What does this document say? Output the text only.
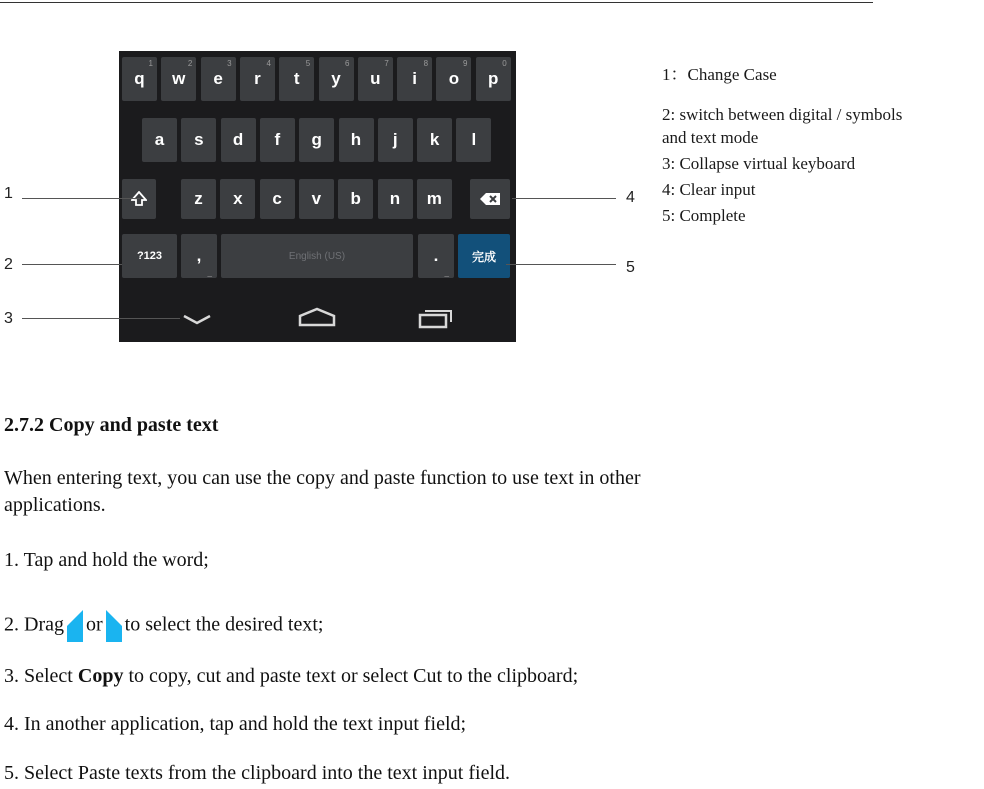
?123 ,
_
English (US)	.
_
完成
q
1
w
2
e
3
r
4
t
5
y
6
u
7
i
8
o
9
p
0
a s d f g h j k l
z x c v b n m
1
2
3
4
5
1：Change Case
2: switch between digital / symbols
and text mode
3: Collapse virtual keyboard
4: Clear input
5: Complete
2.7.2 Copy and paste text
When entering text, you can use the copy and paste function to use text in other
applications.
1. Tap and hold the word;
2. Drag or to select the desired text;
3. Select Copy to copy, cut and paste text or select Cut to the clipboard;
4. In another application, tap and hold the text input field;
5. Select Paste texts from the clipboard into the text input field.
